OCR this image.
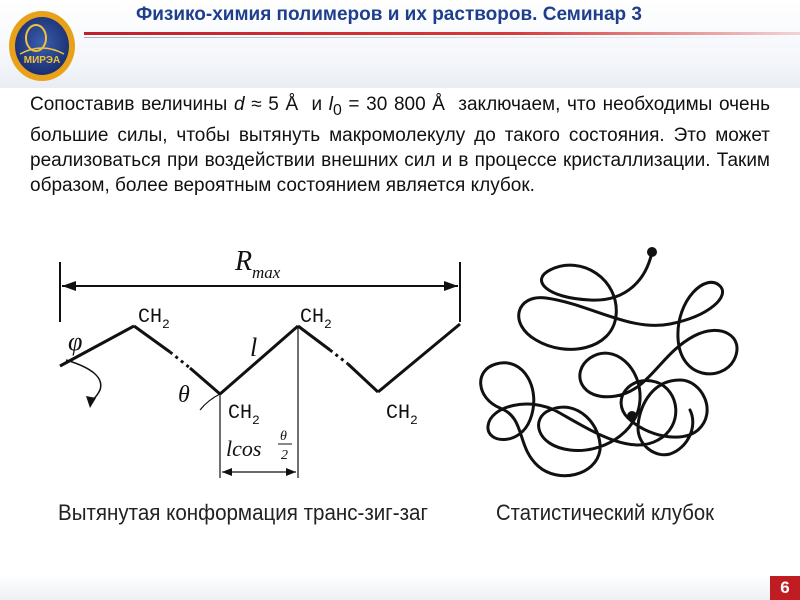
МИРЭА
Физико-химия полимеров и их растворов. Семинар 3
Сопоставив величины d ≈ 5 Å  и $l_0 = 30$ 800 Å  заключаем, что необходимы очень большие силы, чтобы вытянуть макромолекулу до такого состояния. Это может реализоваться при воздействии внешних сил и в процессе кристаллизации. Таким образом, более вероятным состоянием является клубок.
R max
CH 2	CH 2
CH 2	CH 2
φ
θ
l
lcos θ
2
Вытянутая конформация транс-зиг-заг	Статистический клубок
6
